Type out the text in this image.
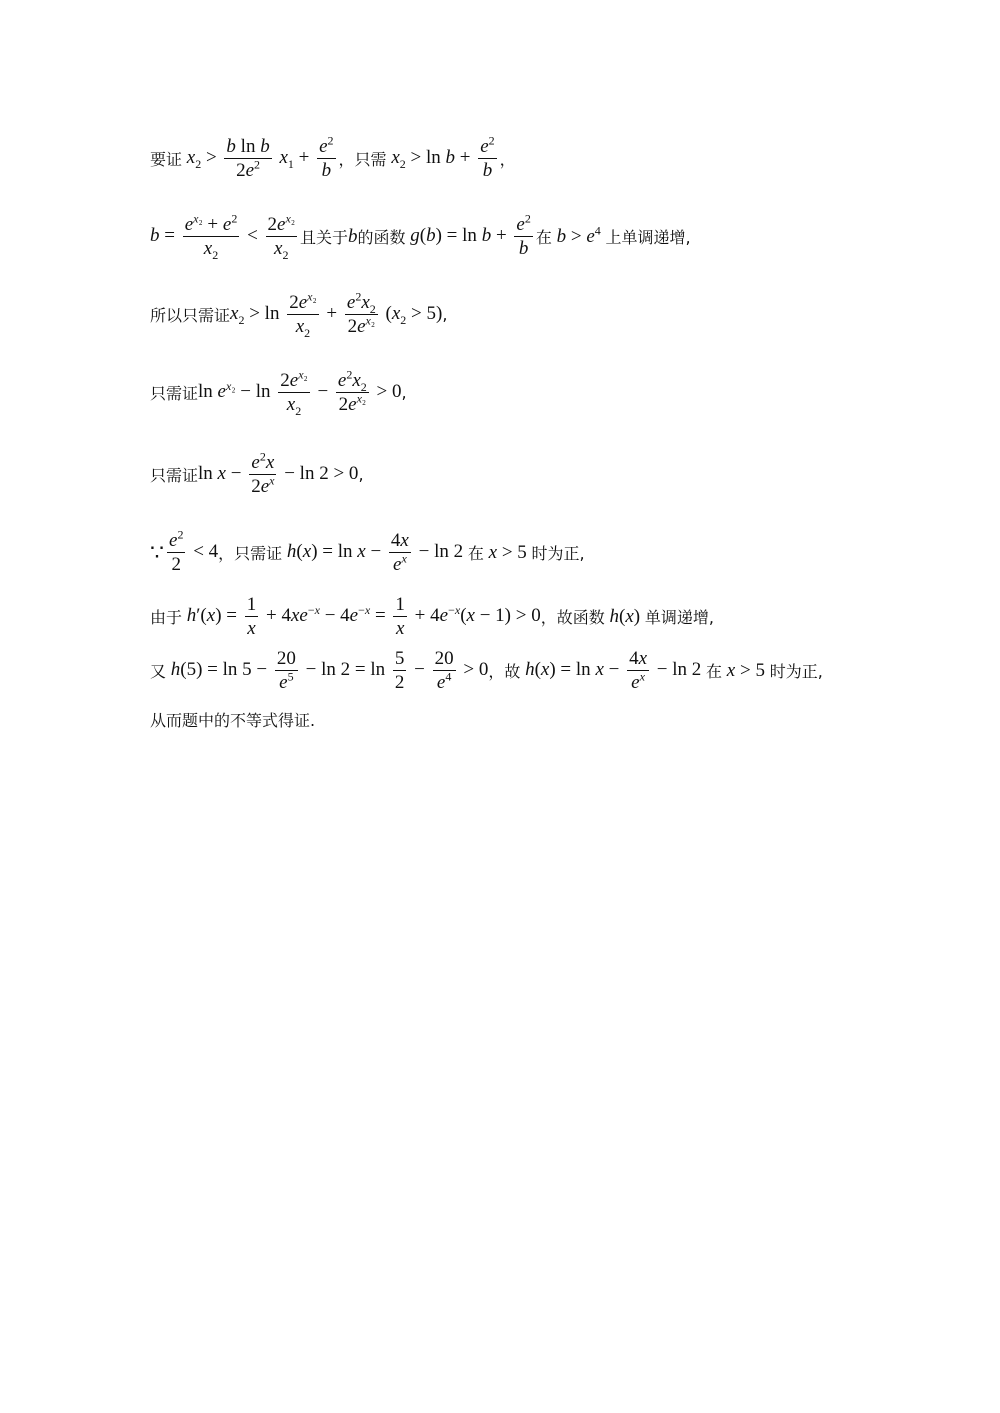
要证 $x_2 > \frac{\text{b ln b}}{2e^2} x_1 + \frac{e^2}{b}$ ，只需 $x_2 > \ln b + \frac{e^2}{b}$ ，
$b = \frac{e^{x_2} + e^2}{x_2} < \frac{2e^{x_2}}{x_2}$ 且关于 b 的函数 $g(b) = \ln b + \frac{e^2}{b}$ 在 $b > e^4$ 上单调递增,
所以只需证 $x_2 > \ln \frac{2e^{x_2}}{x_2} + \frac{e^2x_2}{2e^{x_2}} (x_2 > 5)$ ,
只需证 $\ln e^{x_2} - \ln \frac{2e^{x_2}}{x_2} - \frac{e^2x_2}{2e^{x_2}} > 0$ ,
只需证 $\ln x - \frac{e^2x}{2e^x} - \ln 2 > 0$ ,
∵ $\frac{e^2}{2} < 4$ ，只需证 $h(x) = \ln x - \frac{4x}{e^x} - \ln 2$ 在 x > 5 时为正,
由于 $h'(x) = \frac{1}{x} + 4xe^{-x} - 4e^{-x} = \frac{1}{x} + 4e^{-x}(x - 1) > 0$ ，故函数 h(x) 单调递增,
又 $h(5) = \ln 5 - \frac{20}{e^5} - \ln 2 = \ln \frac{5}{2} - \frac{20}{e^4} > 0$ ，故 $h(x) = \ln x - \frac{4x}{e^x} - \ln 2$ 在 x > 5 时为正,
从而题中的不等式得证.
